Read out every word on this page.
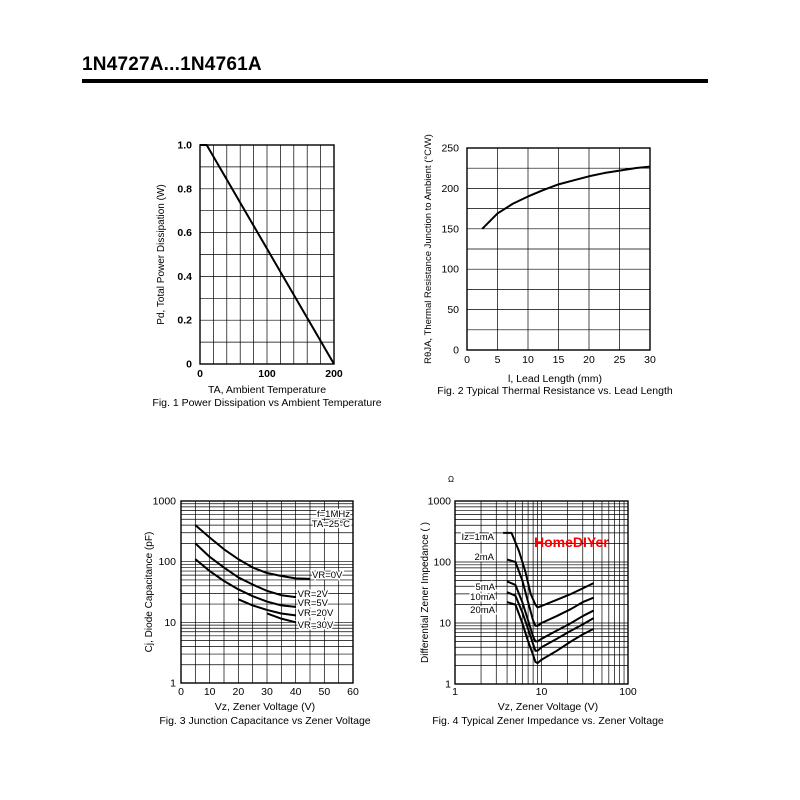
1N4727A...1N4761A
0
0.2
0.4
0.6
0.8
1.0
0	100	200
TA, Ambient Temperature
Fig. 1 Power Dissipation vs Ambient Temperature
Pd, Total Power Dissipation (W)
0
50
100
150
200
250
0 5 10 15 20 25 30
l, Lead Length (mm)
Fig. 2 Typical Thermal Resistance vs. Lead Length
RθJA, Thermal Resistance Junction to Ambient (°C/W)
1
10
100
1000
0 10 20 30 40 50 60
Vz, Zener Voltage (V)
Fig. 3 Junction Capacitance vs Zener Voltage
Cj, Diode Capacitance (pF)	VR=0V
VR=2V
VR=5V
VR=20V
VR=30V
f=1MHz
TA=25°C
1
10
100
1000
1	10	100
Vz, Zener Voltage (V)
Fig. 4 Typical Zener Impedance vs. Zener Voltage
Differential Zener Impedance ( )	Iz=1mA
2mA
5mA
10mA
20mA
Ω
HomeDIYer
